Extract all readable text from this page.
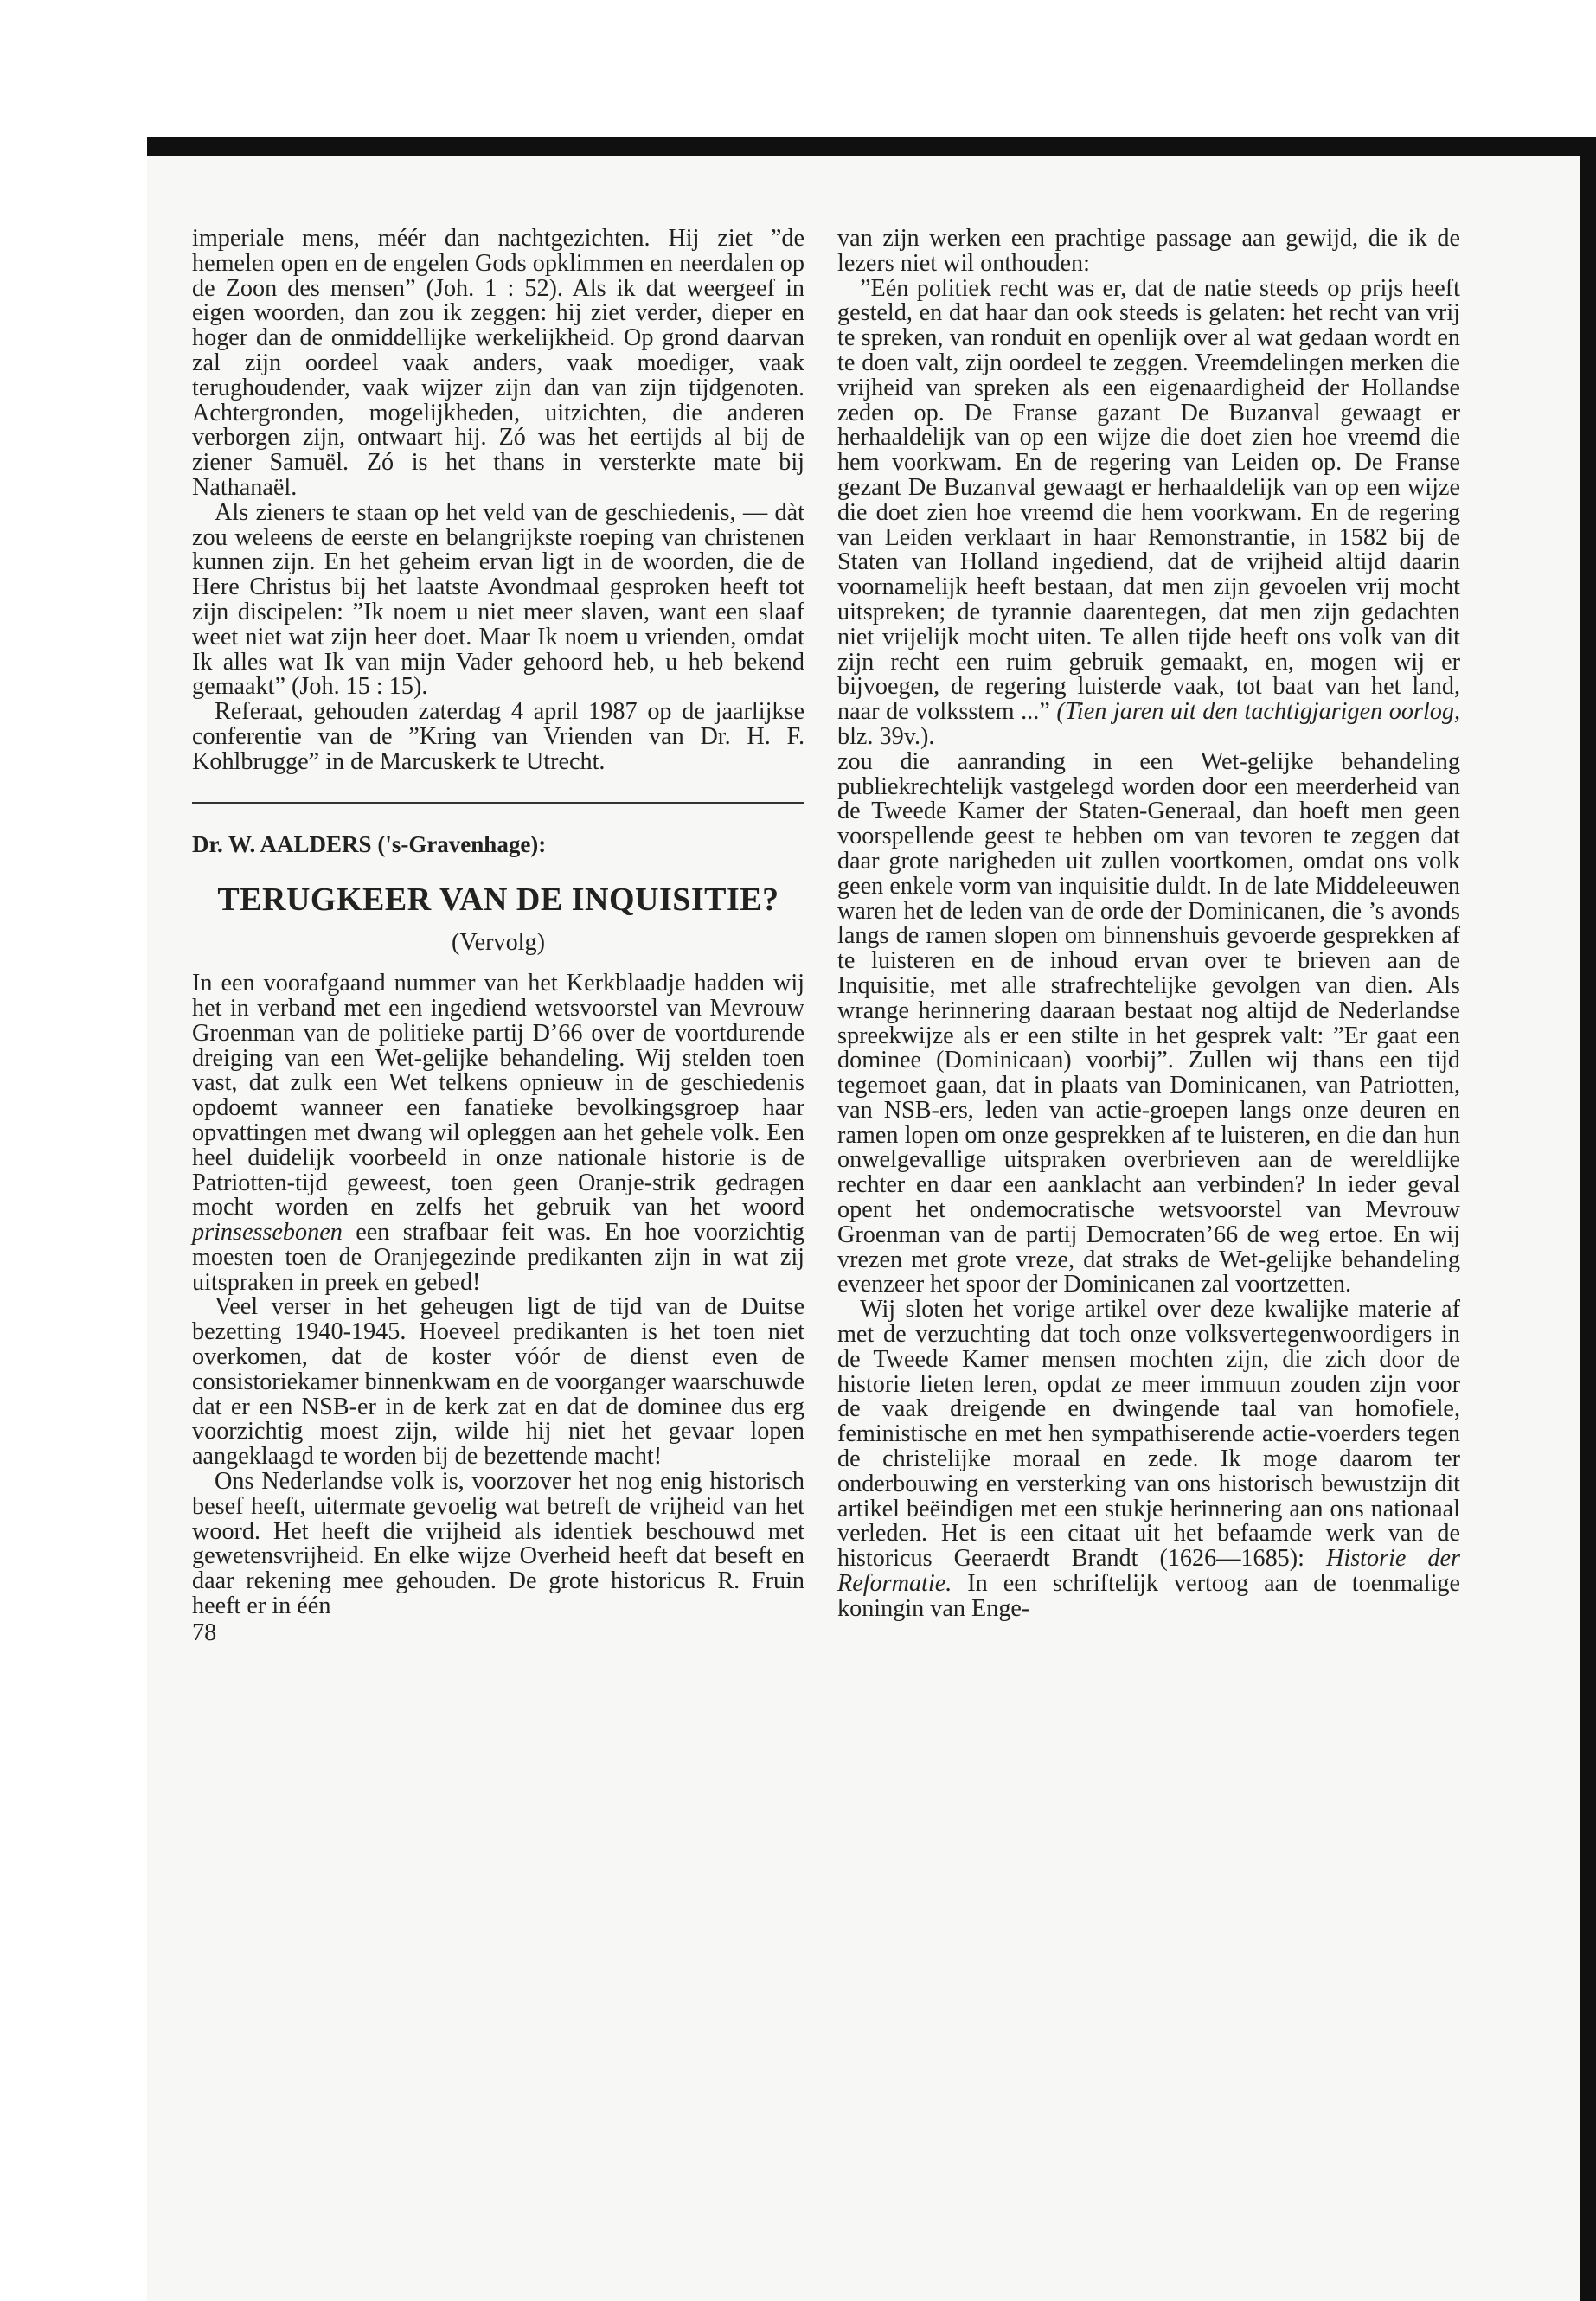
imperiale mens, méér dan nachtgezichten. Hij ziet ”de hemelen open en de engelen Gods opklimmen en neerdalen op de Zoon des mensen” (Joh. 1 : 52). Als ik dat weergeef in eigen woorden, dan zou ik zeggen: hij ziet verder, dieper en hoger dan de onmiddellijke werkelijkheid. Op grond daarvan zal zijn oordeel vaak anders, vaak moediger, vaak terughoudender, vaak wijzer zijn dan van zijn tijdgenoten. Achtergronden, mogelijkheden, uitzichten, die anderen verborgen zijn, ontwaart hij. Zó was het eertijds al bij de ziener Samuël. Zó is het thans in versterkte mate bij Nathanaël.

Als zieners te staan op het veld van de geschiedenis, — dàt zou weleens de eerste en belangrijkste roeping van christenen kunnen zijn. En het geheim ervan ligt in de woorden, die de Here Christus bij het laatste Avondmaal gesproken heeft tot zijn discipelen: ”Ik noem u niet meer slaven, want een slaaf weet niet wat zijn heer doet. Maar Ik noem u vrienden, omdat Ik alles wat Ik van mijn Vader gehoord heb, u heb bekend gemaakt” (Joh. 15 : 15).

Referaat, gehouden zaterdag 4 april 1987 op de jaarlijkse conferentie van de ”Kring van Vrienden van Dr. H. F. Kohlbrugge” in de Marcuskerk te Utrecht.

Dr. W. AALDERS ('s-Gravenhage):
TERUGKEER VAN DE INQUISITIE?
(Vervolg)

In een voorafgaand nummer van het Kerkblaadje hadden wij het in verband met een ingediend wetsvoorstel van Mevrouw Groenman van de politieke partij D’66 over de voortdurende dreiging van een Wet-gelijke behandeling. Wij stelden toen vast, dat zulk een Wet telkens opnieuw in de geschiedenis opdoemt wanneer een fanatieke bevolkingsgroep haar opvattingen met dwang wil opleggen aan het gehele volk. Een heel duidelijk voorbeeld in onze nationale historie is de Patriotten-tijd geweest, toen geen Oranje-strik gedragen mocht worden en zelfs het gebruik van het woord prinsessebonen een strafbaar feit was. En hoe voorzichtig moesten toen de Oranjegezinde predikanten zijn in wat zij uitspraken in preek en gebed!

Veel verser in het geheugen ligt de tijd van de Duitse bezetting 1940-1945. Hoeveel predikanten is het toen niet overkomen, dat de koster vóór de dienst even de consistoriekamer binnenkwam en de voorganger waarschuwde dat er een NSB-er in de kerk zat en dat de dominee dus erg voorzichtig moest zijn, wilde hij niet het gevaar lopen aangeklaagd te worden bij de bezettende macht!

Ons Nederlandse volk is, voorzover het nog enig historisch besef heeft, uitermate gevoelig wat betreft de vrijheid van het woord. Het heeft die vrijheid als identiek beschouwd met gewetensvrijheid. En elke wijze Overheid heeft dat beseft en daar rekening mee gehouden. De grote historicus R. Fruin heeft er in één

78

van zijn werken een prachtige passage aan gewijd, die ik de lezers niet wil onthouden:

”Eén politiek recht was er, dat de natie steeds op prijs heeft gesteld, en dat haar dan ook steeds is gelaten: het recht van vrij te spreken, van ronduit en openlijk over al wat gedaan wordt en te doen valt, zijn oordeel te zeggen. Vreemdelingen merken die vrijheid van spreken als een eigenaardigheid der Hollandse zeden op. De Franse gazant De Buzanval gewaagt er herhaaldelijk van op een wijze die doet zien hoe vreemd die hem voorkwam. En de regering van Leiden op. De Franse gezant De Buzanval gewaagt er herhaaldelijk van op een wijze die doet zien hoe vreemd die hem voorkwam. En de regering van Leiden verklaart in haar Remonstrantie, in 1582 bij de Staten van Holland ingediend, dat de vrijheid altijd daarin voornamelijk heeft bestaan, dat men zijn gevoelen vrij mocht uitspreken; de tyrannie daarentegen, dat men zijn gedachten niet vrijelijk mocht uiten. Te allen tijde heeft ons volk van dit zijn recht een ruim gebruik gemaakt, en, mogen wij er bijvoegen, de regering luisterde vaak, tot baat van het land, naar de volksstem ...” (Tien jaren uit den tachtigjarigen oorlog, blz. 39v.).

zou die aanranding in een Wet-gelijke behandeling publiekrechtelijk vastgelegd worden door een meerderheid van de Tweede Kamer der Staten-Generaal, dan hoeft men geen voorspellende geest te hebben om van tevoren te zeggen dat daar grote narigheden uit zullen voortkomen, omdat ons volk geen enkele vorm van inquisitie duldt. In de late Middeleeuwen waren het de leden van de orde der Dominicanen, die ’s avonds langs de ramen slopen om binnenshuis gevoerde gesprekken af te luisteren en de inhoud ervan over te brieven aan de Inquisitie, met alle strafrechtelijke gevolgen van dien. Als wrange herinnering daaraan bestaat nog altijd de Nederlandse spreekwijze als er een stilte in het gesprek valt: ”Er gaat een dominee (Dominicaan) voorbij”. Zullen wij thans een tijd tegemoet gaan, dat in plaats van Dominicanen, van Patriotten, van NSB-ers, leden van actie-groepen langs onze deuren en ramen lopen om onze gesprekken af te luisteren, en die dan hun onwelgevallige uitspraken overbrieven aan de wereldlijke rechter en daar een aanklacht aan verbinden? In ieder geval opent het ondemocratische wetsvoorstel van Mevrouw Groenman van de partij Democraten’66 de weg ertoe. En wij vrezen met grote vreze, dat straks de Wet-gelijke behandeling evenzeer het spoor der Dominicanen zal voortzetten.

Wij sloten het vorige artikel over deze kwalijke materie af met de verzuchting dat toch onze volksvertegenwoordigers in de Tweede Kamer mensen mochten zijn, die zich door de historie lieten leren, opdat ze meer immuun zouden zijn voor de vaak dreigende en dwingende taal van homofiele, feministische en met hen sympathiserende actie-voerders tegen de christelijke moraal en zede. Ik moge daarom ter onderbouwing en versterking van ons historisch bewustzijn dit artikel beëindigen met een stukje herinnering aan ons nationaal verleden. Het is een citaat uit het befaamde werk van de historicus Geeraerdt Brandt (1626—1685): Historie der Reformatie. In een schriftelijk vertoog aan de toenmalige koningin van Enge-
